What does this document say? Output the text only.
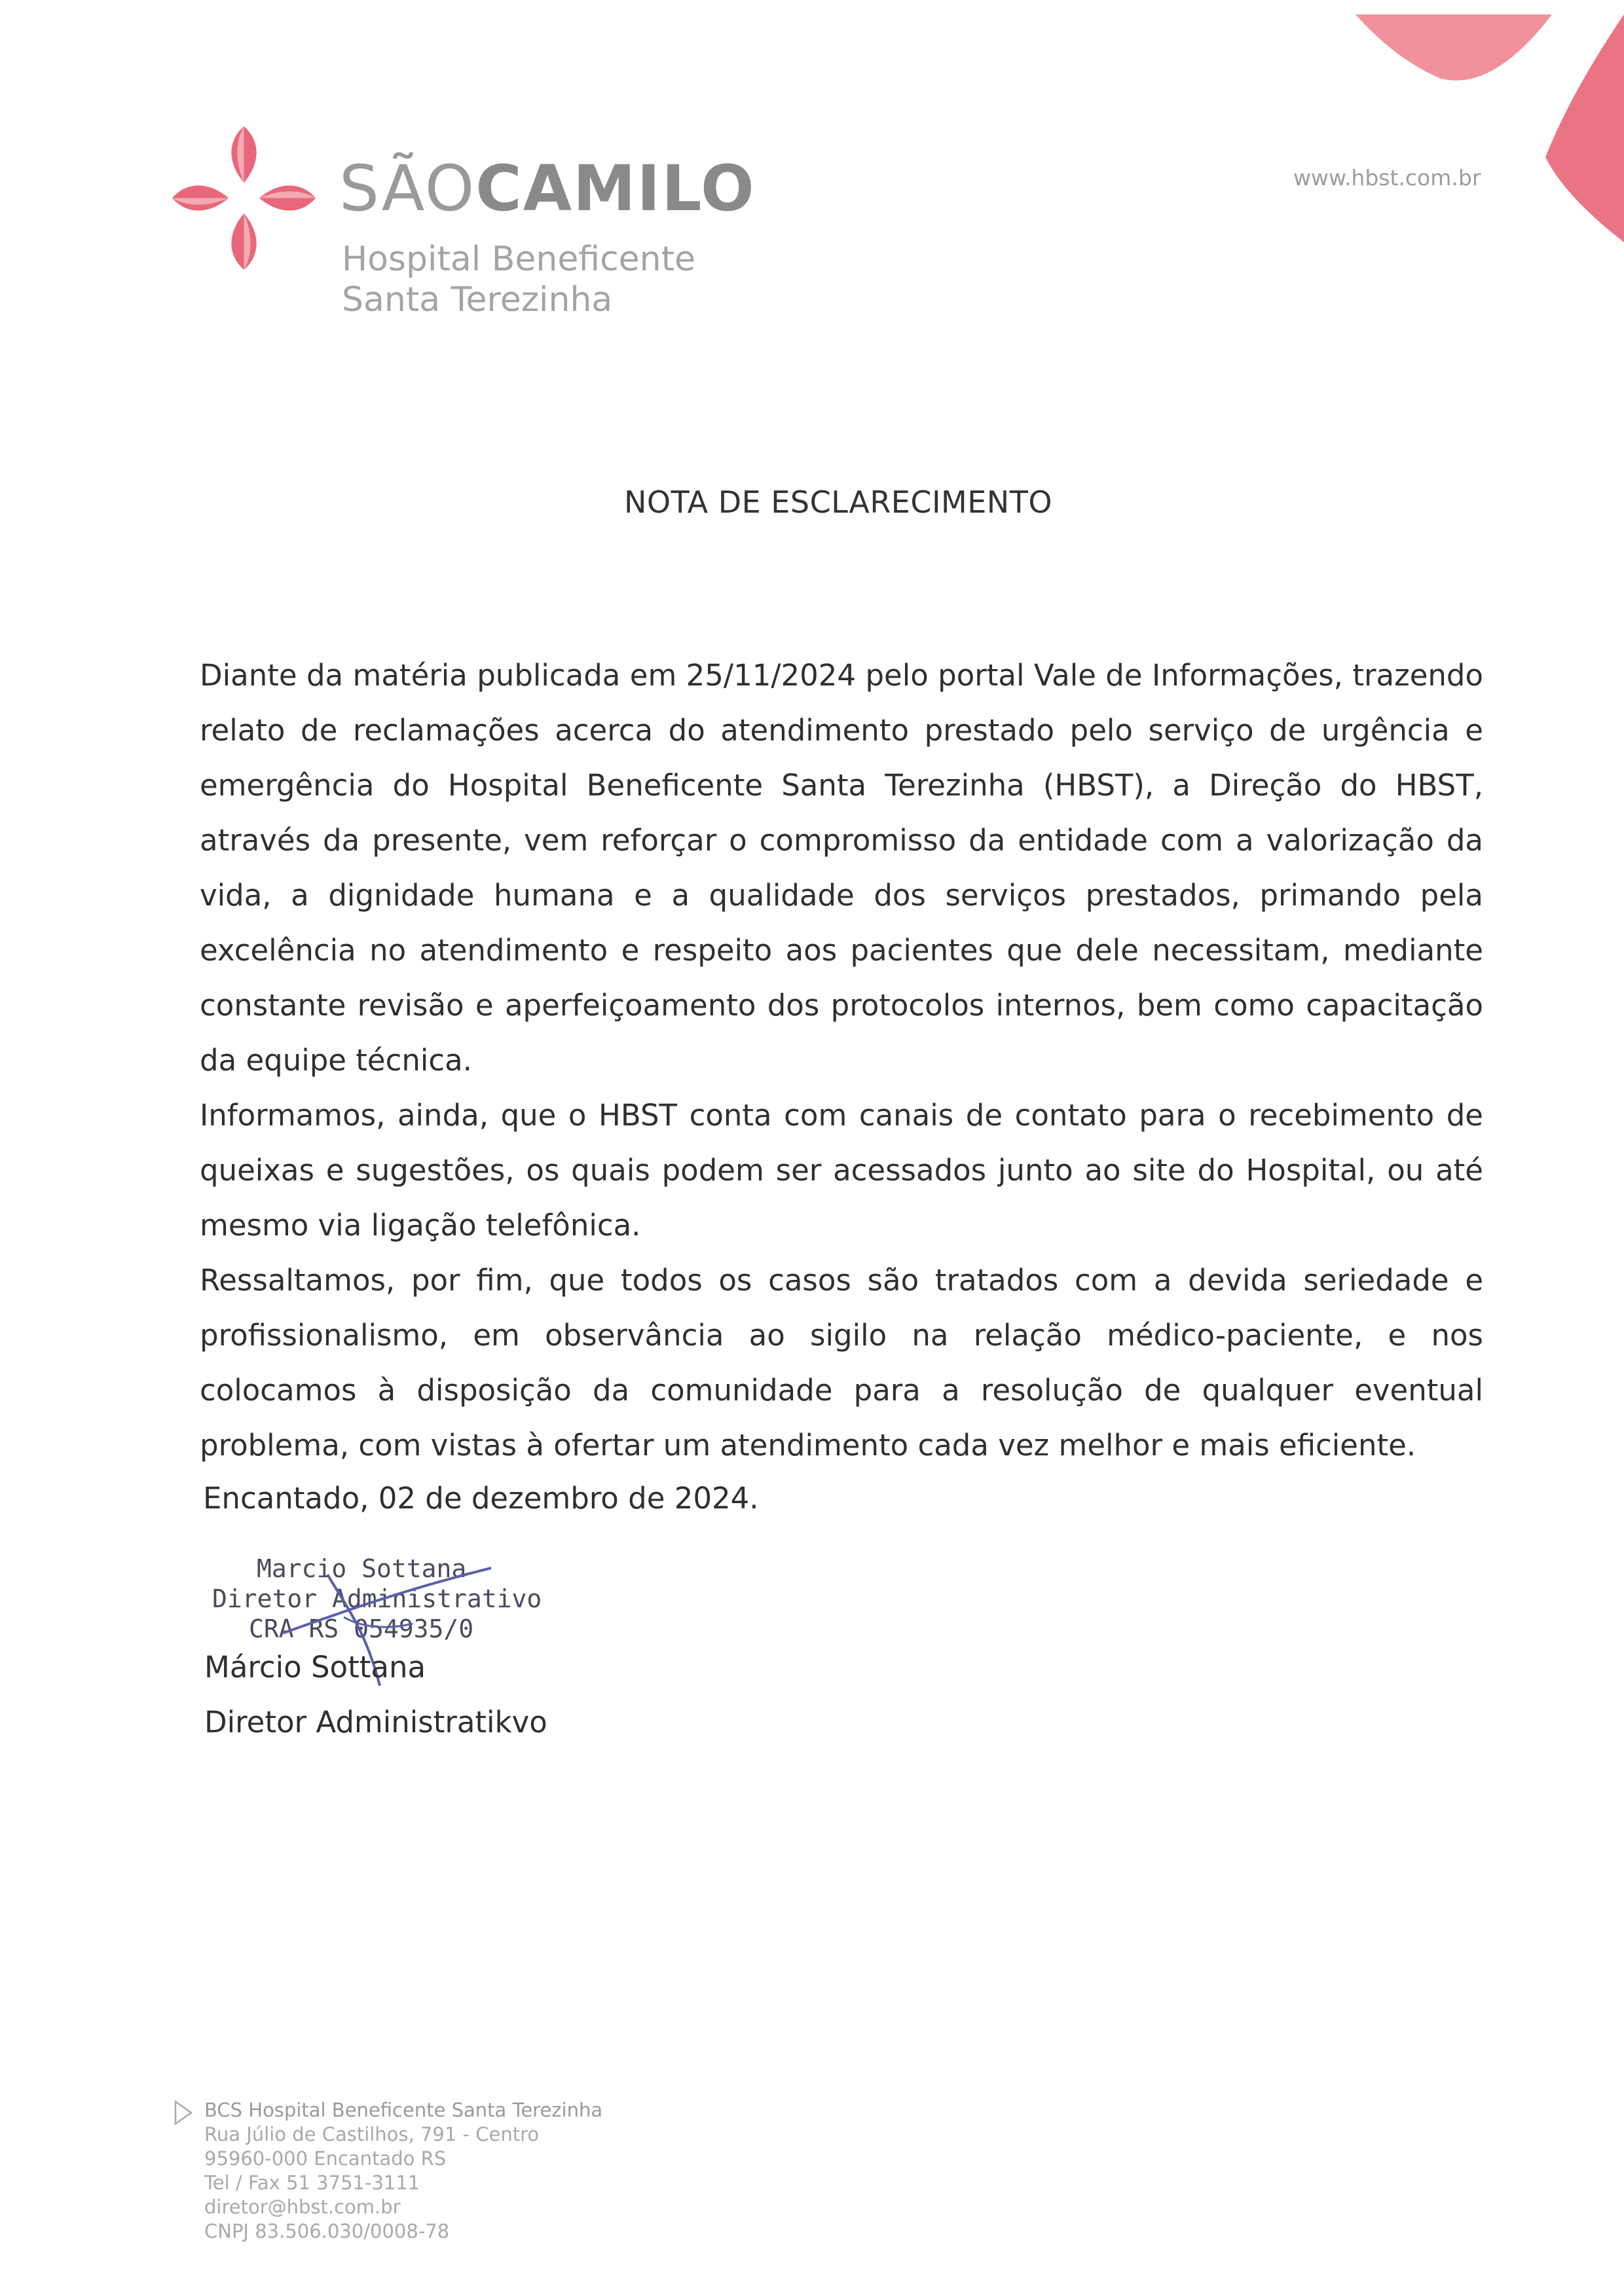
SÃOCAMILO
Hospital Beneficente
Santa Terezinha
www.hbst.com.br
NOTA DE ESCLARECIMENTO

Diante da matéria publicada em 25/11/2024 pelo portal Vale de Informações, trazendo relato de reclamações acerca do atendimento prestado pelo serviço de urgência e emergência do Hospital Beneficente Santa Terezinha (HBST), a Direção do HBST, através da presente, vem reforçar o compromisso da entidade com a valorização da vida, a dignidade humana e a qualidade dos serviços prestados, primando pela excelência no atendimento e respeito aos pacientes que dele necessitam, mediante constante revisão e aperfeiçoamento dos protocolos internos, bem como capacitação da equipe técnica.

Informamos, ainda, que o HBST conta com canais de contato para o recebimento de queixas e sugestões, os quais podem ser acessados junto ao site do Hospital, ou até mesmo via ligação telefônica.

Ressaltamos, por fim, que todos os casos são tratados com a devida seriedade e profissionalismo, em observância ao sigilo na relação médico-paciente, e nos colocamos à disposição da comunidade para a resolução de qualquer eventual problema, com vistas à ofertar um atendimento cada vez melhor e mais eficiente.

Encantado, 02 de dezembro de 2024.
Marcio Sottana
Diretor Administrativo
CRA RS 054935/0
Márcio Sottana
Diretor Administratikvo
BCS Hospital Beneficente Santa Terezinha
Rua Júlio de Castilhos, 791 - Centro
95960-000 Encantado RS
Tel / Fax 51 3751-3111
diretor@hbst.com.br
CNPJ 83.506.030/0008-78
